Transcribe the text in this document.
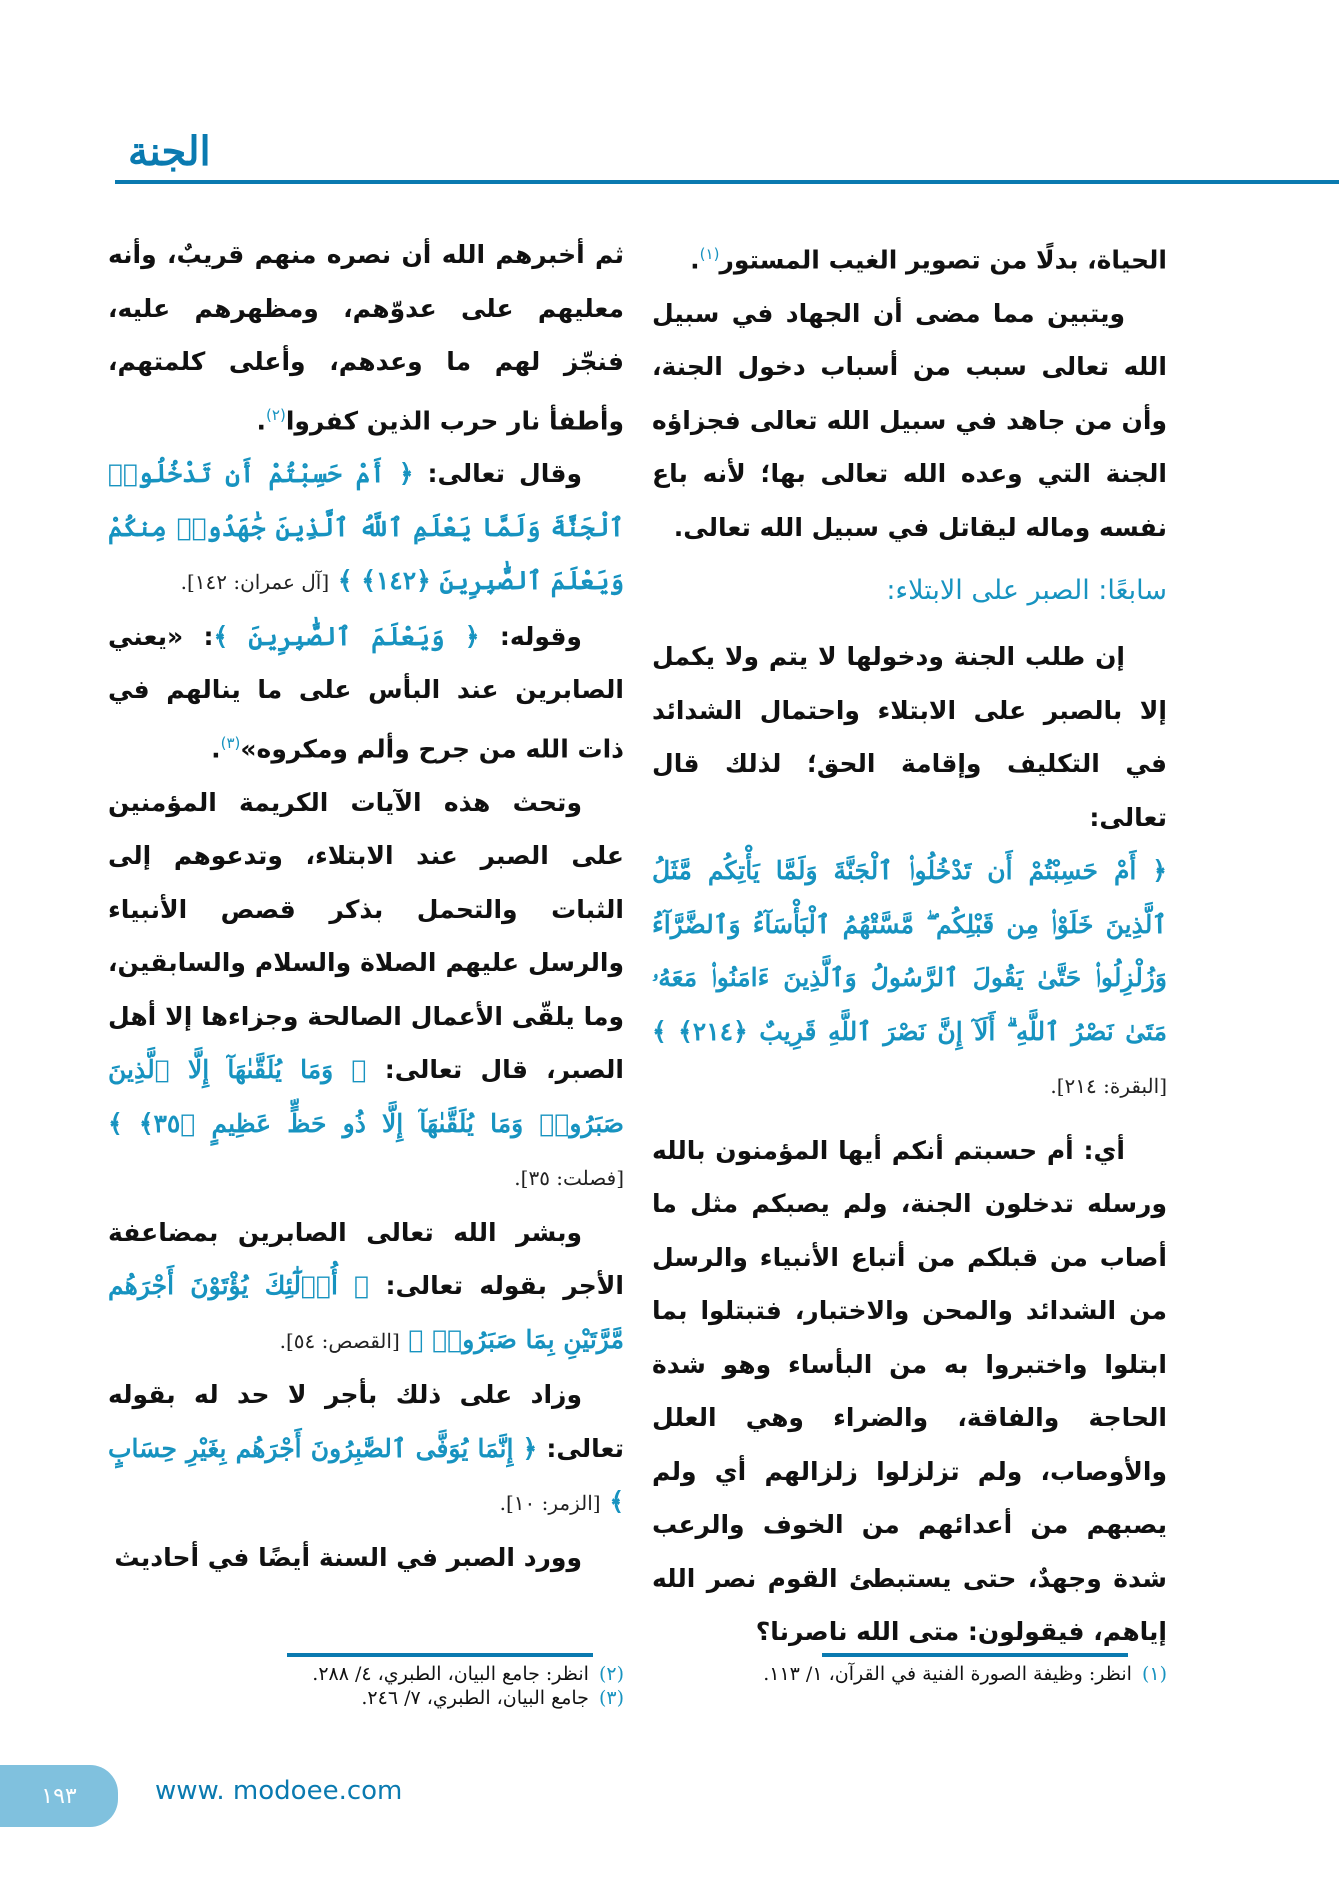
الجنة

الحياة، بدلًا من تصوير الغيب المستور$^{(١)}$.

ويتبين مما مضى أن الجهاد في سبيل الله تعالى سبب من أسباب دخول الجنة، وأن من جاهد في سبيل الله تعالى فجزاؤه الجنة التي وعده الله تعالى بها؛ لأنه باع نفسه وماله ليقاتل في سبيل الله تعالى.

سابعًا: الصبر على الابتلاء:

إن طلب الجنة ودخولها لا يتم ولا يكمل إلا بالصبر على الابتلاء واحتمال الشدائد في التكليف وإقامة الحق؛ لذلك قال تعالى:

﴿ أَمْ حَسِبْتُمْ أَن تَدْخُلُوا۟ ٱلْجَنَّةَ وَلَمَّا يَأْتِكُم مَّثَلُ ٱلَّذِينَ خَلَوْا۟ مِن قَبْلِكُم ۖ مَّسَّتْهُمُ ٱلْبَأْسَآءُ وَٱلضَّرَّآءُ وَزُلْزِلُوا۟ حَتَّىٰ يَقُولَ ٱلرَّسُولُ وَٱلَّذِينَ ءَامَنُوا۟ مَعَهُۥ مَتَىٰ نَصْرُ ٱللَّهِ ۗ أَلَآ إِنَّ نَصْرَ ٱللَّهِ قَرِيبٌ ﴿٢١٤﴾ ﴾ [البقرة: ٢١٤].

أي: أم حسبتم أنكم أيها المؤمنون بالله ورسله تدخلون الجنة، ولم يصبكم مثل ما أصاب من قبلكم من أتباع الأنبياء والرسل من الشدائد والمحن والاختبار، فتبتلوا بما ابتلوا واختبروا به من البأساء وهو شدة الحاجة والفاقة، والضراء وهي العلل والأوصاب، ولم تزلزلوا زلزالهم أي ولم يصبهم من أعدائهم من الخوف والرعب شدة وجهدٌ، حتى يستبطئ القوم نصر الله إياهم، فيقولون: متى الله ناصرنا؟

ثم أخبرهم الله أن نصره منهم قريبٌ، وأنه معليهم على عدوّهم، ومظهرهم عليه، فنجّز لهم ما وعدهم، وأعلى كلمتهم، وأطفأ نار حرب الذين كفروا$^{(٢)}$.

وقال تعالى: ﴿ أَمْ حَسِبْتُمْ أَن تَدْخُلُوا۟ ٱلْجَنَّةَ وَلَمَّا يَعْلَمِ ٱللَّهُ ٱلَّذِينَ جَٰهَدُوا۟ مِنكُمْ وَيَعْلَمَ ٱلصَّٰبِرِينَ ﴿١٤٢﴾ ﴾ [آل عمران: ١٤٢].

وقوله: ﴿ وَيَعْلَمَ ٱلصَّٰبِرِينَ ﴾: «يعني الصابرين عند البأس على ما ينالهم في ذات الله من جرح وألم ومكروه»$^{(٣)}$.

وتحث هذه الآيات الكريمة المؤمنين على الصبر عند الابتلاء، وتدعوهم إلى الثبات والتحمل بذكر قصص الأنبياء والرسل عليهم الصلاة والسلام والسابقين، وما يلقّى الأعمال الصالحة وجزاءها إلا أهل الصبر، قال تعالى: ﴿ وَمَا يُلَقَّىٰهَآ إِلَّا ٱلَّذِينَ صَبَرُوا۟ وَمَا يُلَقَّىٰهَآ إِلَّا ذُو حَظٍّ عَظِيمٍ ﴿٣٥﴾ ﴾ [فصلت: ٣٥].

وبشر الله تعالى الصابرين بمضاعفة الأجر بقوله تعالى: ﴿ أُو۟لَٰٓئِكَ يُؤْتَوْنَ أَجْرَهُم مَّرَّتَيْنِ بِمَا صَبَرُوا۟ ﴾ [القصص: ٥٤].

وزاد على ذلك بأجر لا حد له بقوله تعالى: ﴿ إِنَّمَا يُوَفَّى ٱلصَّٰبِرُونَ أَجْرَهُم بِغَيْرِ حِسَابٍ ﴾ [الزمر: ١٠].

وورد الصبر في السنة أيضًا في أحاديث

(١)انظر: وظيفة الصورة الفنية في القرآن، ١/ ١١٣.
(٢)انظر: جامع البيان، الطبري، ٤/ ٢٨٨.
(٣)جامع البيان، الطبري، ٧/ ٢٤٦.
١٩٣	www. modoee.com
